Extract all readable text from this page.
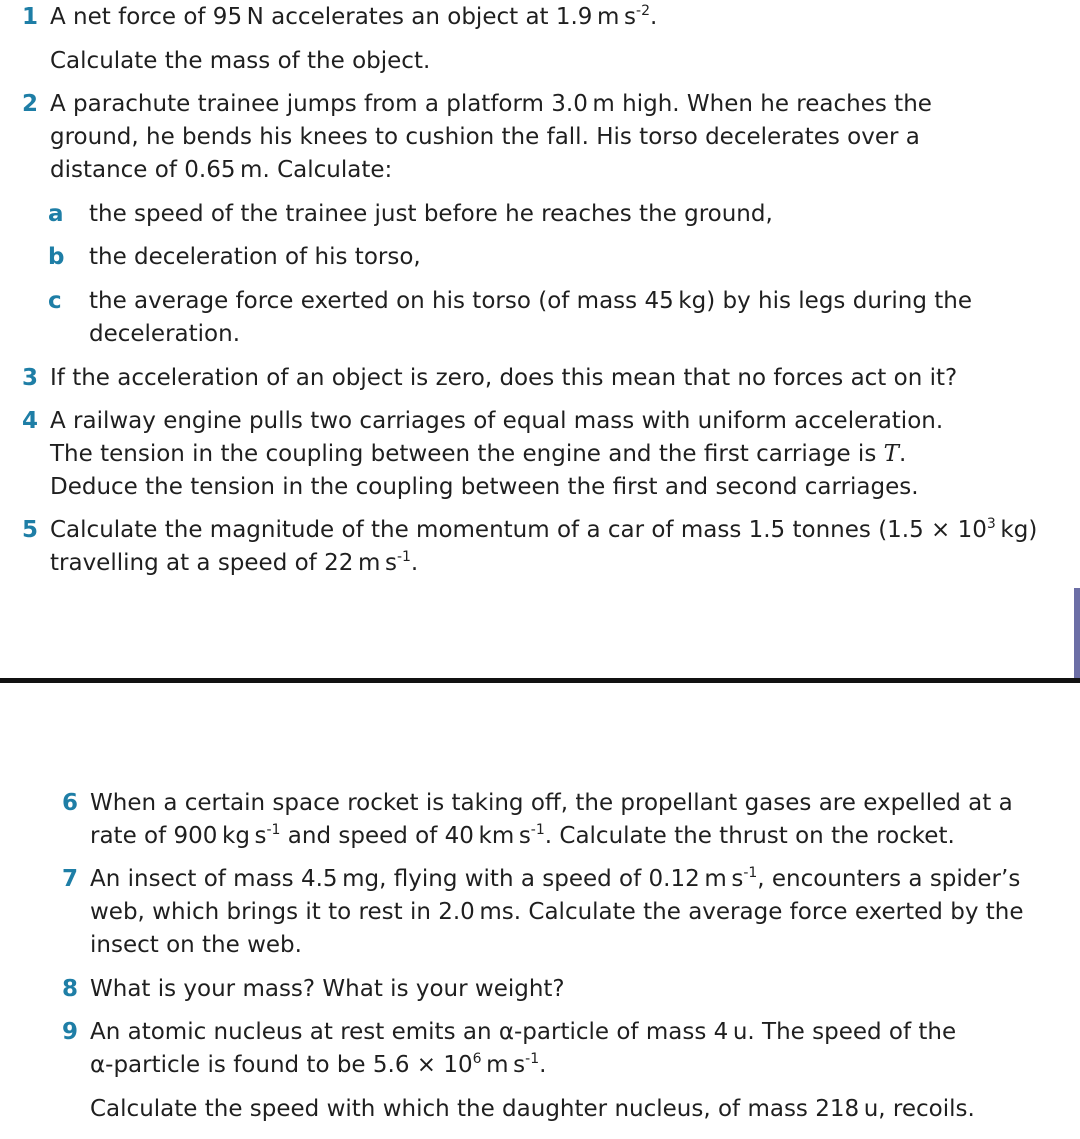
1 A net force of 95 N accelerates an object at 1.9 m $s^{-2}$.
Calculate the mass of the object.
2 A parachute trainee jumps from a platform 3.0 m high. When he reaches the
ground, he bends his knees to cushion the fall. His torso decelerates over a
distance of 0.65 m. Calculate:
a the speed of the trainee just before he reaches the ground,
b the deceleration of his torso,
c the average force exerted on his torso (of mass 45 kg) by his legs during the
deceleration.
3 If the acceleration of an object is zero, does this mean that no forces act on it?
4 A railway engine pulls two carriages of equal mass with uniform acceleration.
The tension in the coupling between the engine and the first carriage is T.
Deduce the tension in the coupling between the first and second carriages.
5 Calculate the magnitude of the momentum of a car of mass 1.5 tonnes ($1.5 \times 10^3$ kg)
travelling at a speed of 22 m $s^{-1}$.
6 When a certain space rocket is taking off, the propellant gases are expelled at a
rate of 900 kg $s^{-1}$ and speed of 40 km $s^{-1}$. Calculate the thrust on the rocket.
7 An insect of mass 4.5 mg, flying with a speed of 0.12 m $s^{-1}$, encounters a spider’s
web, which brings it to rest in 2.0 ms. Calculate the average force exerted by the
insect on the web.
8 What is your mass? What is your weight?
9 An atomic nucleus at rest emits an α-particle of mass 4 u. The speed of the
α-particle is found to be $5.6 \times 10^6$ m $s^{-1}$.
Calculate the speed with which the daughter nucleus, of mass 218 u, recoils.
